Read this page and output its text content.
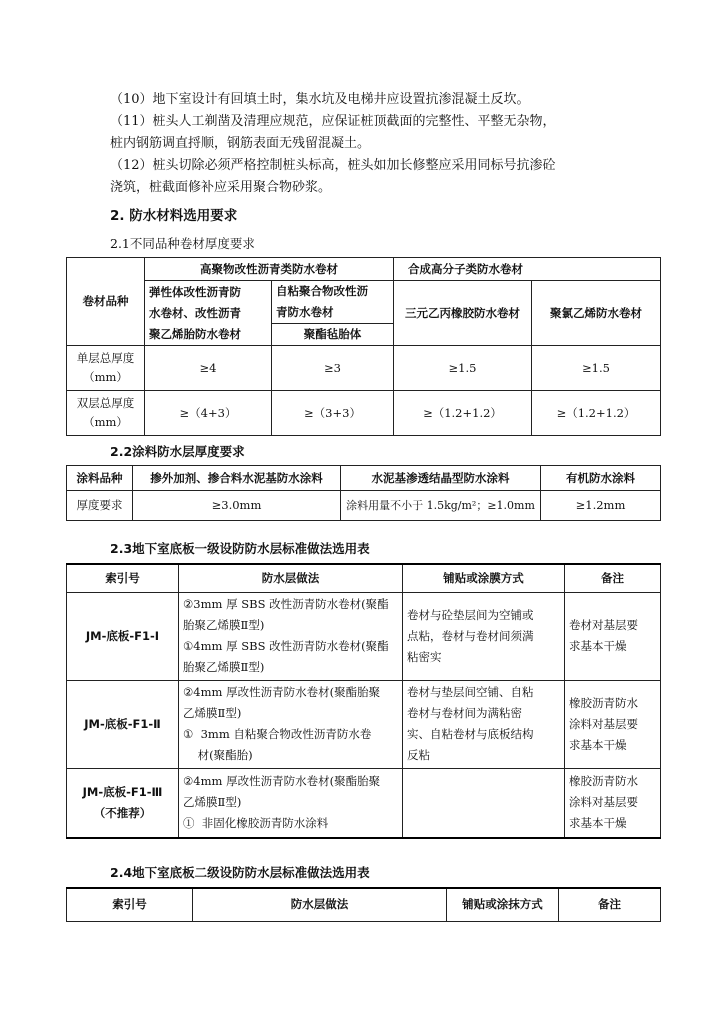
（10）地下室设计有回填土时，集水坑及电梯井应设置抗渗混凝土反坎。
（11）桩头人工剃凿及清理应规范，应保证桩顶截面的完整性、平整无杂物，
桩内钢筋调直捋顺，钢筋表面无残留混凝土。
（12）桩头切除必须严格控制桩头标高，桩头如加长修整应采用同标号抗渗砼
浇筑，桩截面修补应采用聚合物砂浆。
2. 防水材料选用要求
2.1不同品种卷材厚度要求
卷材品种	高聚物改性沥青类防水卷材		合成高分子类防水卷材	

	弹性体改性沥青防
水卷材、改性沥青
聚乙烯胎防水卷材	自粘聚合物改性沥
青防水卷材	三元乙丙橡胶防水卷材	聚氯乙烯防水卷材
		聚酯毡胎体		

单层总厚度
（mm）	≥4	≥3	≥1.5	≥1.5

双层总厚度
（mm）	≥（4+3）	≥（3+3）	≥（1.2+1.2）	≥（1.2+1.2）
2.2涂料防水层厚度要求
涂料品种	掺外加剂、掺合料水泥基防水涂料	水泥基渗透结晶型防水涂料	有机防水涂料
厚度要求	≥3.0mm	涂料用量不小于 1.5kg/m²；≥1.0mm	≥1.2mm
2.3地下室底板一级设防防水层标准做法选用表
索引号	防水层做法	铺贴或涂膜方式	备注
JM-底板-F1-Ⅰ	②3mm 厚 SBS 改性沥青防水卷材(聚酯
胎聚乙烯膜Ⅱ型)
①4mm 厚 SBS 改性沥青防水卷材(聚酯
胎聚乙烯膜Ⅱ型)	卷材与砼垫层间为空铺或
点粘，卷材与卷材间须满
粘密实	卷材对基层要
求基本干燥

JM-底板-F1-Ⅱ	②4mm 厚改性沥青防水卷材(聚酯胎聚
乙烯膜Ⅱ型)
①  3mm 自粘聚合物改性沥青防水卷
材(聚酯胎)	卷材与垫层间空铺、自粘
卷材与卷材间为满粘密
实、自粘卷材与底板结构
反粘	橡胶沥青防水
涂料对基层要
求基本干燥

JM-底板-F1-Ⅲ
（不推荐）	②4mm 厚改性沥青防水卷材(聚酯胎聚
乙烯膜Ⅱ型)
①  非固化橡胶沥青防水涂料		橡胶沥青防水
涂料对基层要
求基本干燥
2.4地下室底板二级设防防水层标准做法选用表
索引号	防水层做法	铺贴或涂抹方式	备注
